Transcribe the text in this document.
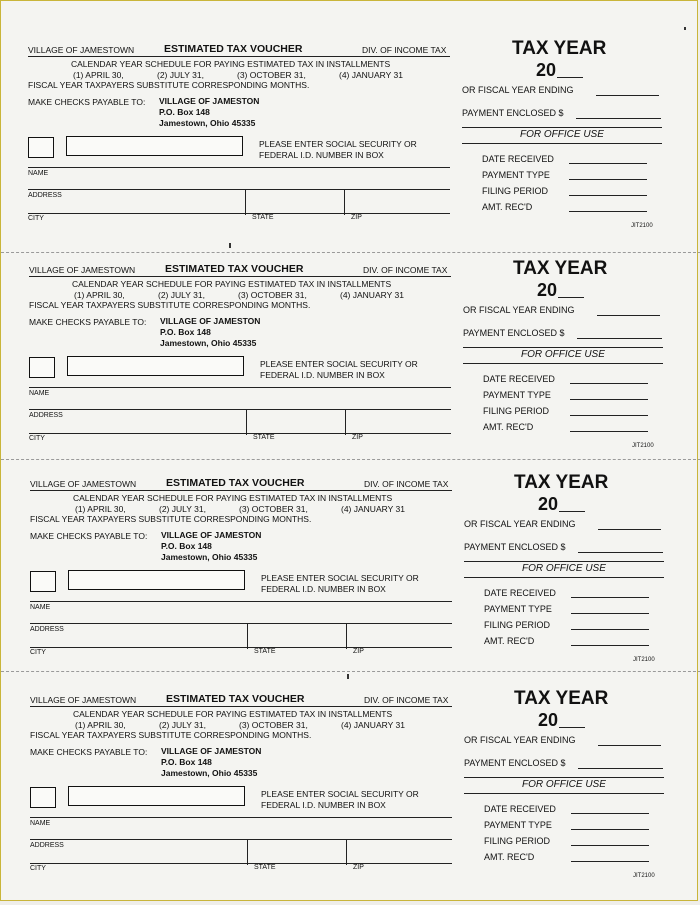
VILLAGE OF JAMESTOWN	ESTIMATED TAX VOUCHER	DIV. OF INCOME TAX
CALENDAR YEAR SCHEDULE FOR PAYING ESTIMATED TAX IN INSTALLMENTS
(1) APRIL 30,	(2) JULY 31,	(3) OCTOBER 31,	(4) JANUARY 31
FISCAL YEAR TAXPAYERS SUBSTITUTE CORRESPONDING MONTHS.
MAKE CHECKS PAYABLE TO: VILLAGE OF JAMESTON
P.O. Box 148
Jamestown, Ohio 45335
PLEASE ENTER SOCIAL SECURITY OR
FEDERAL I.D. NUMBER IN BOX
NAME
ADDRESS
CITY	STATE	ZIP
TAX YEAR
20
OR FISCAL YEAR ENDING
PAYMENT ENCLOSED $
FOR OFFICE USE
DATE RECEIVED
PAYMENT TYPE
FILING PERIOD
AMT. REC'D
JIT2100
VILLAGE OF JAMESTOWN	ESTIMATED TAX VOUCHER	DIV. OF INCOME TAX
CALENDAR YEAR SCHEDULE FOR PAYING ESTIMATED TAX IN INSTALLMENTS
(1) APRIL 30,	(2) JULY 31,	(3) OCTOBER 31,	(4) JANUARY 31
FISCAL YEAR TAXPAYERS SUBSTITUTE CORRESPONDING MONTHS.
MAKE CHECKS PAYABLE TO: VILLAGE OF JAMESTON
P.O. Box 148
Jamestown, Ohio 45335
PLEASE ENTER SOCIAL SECURITY OR
FEDERAL I.D. NUMBER IN BOX
NAME
ADDRESS
CITY	STATE	ZIP
TAX YEAR
20
OR FISCAL YEAR ENDING
PAYMENT ENCLOSED $
FOR OFFICE USE
DATE RECEIVED
PAYMENT TYPE
FILING PERIOD
AMT. REC'D
JIT2100
VILLAGE OF JAMESTOWN	ESTIMATED TAX VOUCHER	DIV. OF INCOME TAX
CALENDAR YEAR SCHEDULE FOR PAYING ESTIMATED TAX IN INSTALLMENTS
(1) APRIL 30,	(2) JULY 31,	(3) OCTOBER 31,	(4) JANUARY 31
FISCAL YEAR TAXPAYERS SUBSTITUTE CORRESPONDING MONTHS.
MAKE CHECKS PAYABLE TO: VILLAGE OF JAMESTON
P.O. Box 148
Jamestown, Ohio 45335
PLEASE ENTER SOCIAL SECURITY OR
FEDERAL I.D. NUMBER IN BOX
NAME
ADDRESS
CITY	STATE	ZIP
TAX YEAR
20
OR FISCAL YEAR ENDING
PAYMENT ENCLOSED $
FOR OFFICE USE
DATE RECEIVED
PAYMENT TYPE
FILING PERIOD
AMT. REC'D
JIT2100
VILLAGE OF JAMESTOWN	ESTIMATED TAX VOUCHER	DIV. OF INCOME TAX
CALENDAR YEAR SCHEDULE FOR PAYING ESTIMATED TAX IN INSTALLMENTS
(1) APRIL 30,	(2) JULY 31,	(3) OCTOBER 31,	(4) JANUARY 31
FISCAL YEAR TAXPAYERS SUBSTITUTE CORRESPONDING MONTHS.
MAKE CHECKS PAYABLE TO: VILLAGE OF JAMESTON
P.O. Box 148
Jamestown, Ohio 45335
PLEASE ENTER SOCIAL SECURITY OR
FEDERAL I.D. NUMBER IN BOX
NAME
ADDRESS
CITY	STATE	ZIP
TAX YEAR
20
OR FISCAL YEAR ENDING
PAYMENT ENCLOSED $
FOR OFFICE USE
DATE RECEIVED
PAYMENT TYPE
FILING PERIOD
AMT. REC'D
JIT2100
